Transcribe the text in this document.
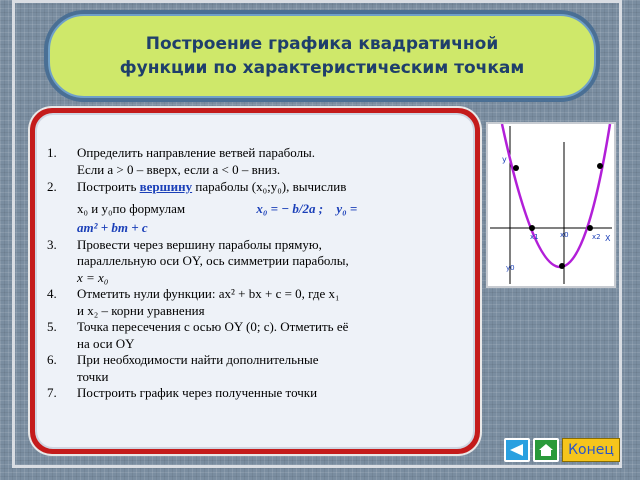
Построение графика квадратичной
функции по характеристическим точкам
1.	Определить направление ветвей параболы.
Если a > 0 – вверх, если a < 0 – вниз.
2.	Построить вершину параболы (x₀;y₀), вычислив
x₀ и y₀по формулам	x₀ = − b/2a ; y₀ =
am² + bm + c
3.	Провести через вершину параболы прямую,
параллельную оси OY, ось симметрии параболы,
x = x₀
4.	Отметить нули функции: ax² + bx + c = 0, где x₁
и x₂ – корни уравнения
5.	Точка пересечения с осью OY (0; c). Отметить её
на оси OY
6.	При необходимости найти дополнительные
точки
7.	Построить график через полученные точки
y
x1	x0	x2 X
y0
Конец
